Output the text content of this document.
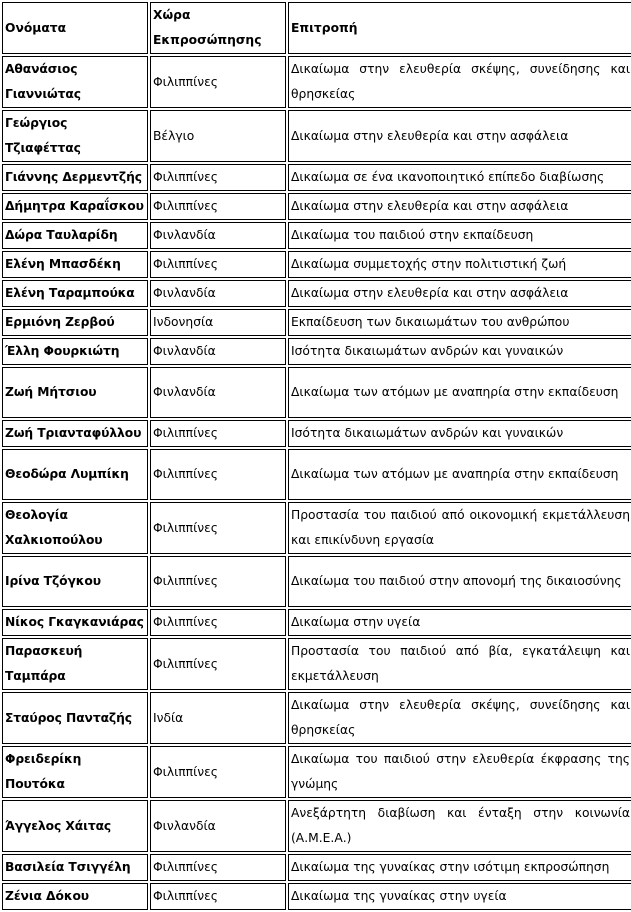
Ονόματα	Χώρα Εκπροσώπησης	Επιτροπή
Αθανάσιος Γιαννιώτας	Φιλιππίνες	Δικαίωμα στην ελευθερία σκέψης, συνείδησης και θρησκείας
Γεώργιος Τζιαφέττας	Βέλγιο	Δικαίωμα στην ελευθερία και στην ασφάλεια
Γιάννης Δερμεντζής	Φιλιππίνες	Δικαίωμα σε ένα ικανοποιητικό επίπεδο διαβίωσης
Δήμητρα Καραΐσκου	Φιλιππίνες	Δικαίωμα στην ελευθερία και στην ασφάλεια
Δώρα Ταυλαρίδη	Φινλανδία	Δικαίωμα του παιδιού στην εκπαίδευση
Ελένη Μπασδέκη	Φιλιππίνες	Δικαίωμα συμμετοχής στην πολιτιστική ζωή
Ελένη Ταραμπούκα	Φινλανδία	Δικαίωμα στην ελευθερία και στην ασφάλεια
Ερμιόνη Ζερβού	Ινδονησία	Εκπαίδευση των δικαιωμάτων του ανθρώπου
Έλλη Φουρκιώτη	Φινλανδία	Ισότητα δικαιωμάτων ανδρών και γυναικών
Ζωή Μήτσιου	Φινλανδία	Δικαίωμα των ατόμων με αναπηρία στην εκπαίδευση
Ζωή Τριανταφύλλου	Φιλιππίνες	Ισότητα δικαιωμάτων ανδρών και γυναικών
Θεοδώρα Λυμπίκη	Φιλιππίνες	Δικαίωμα των ατόμων με αναπηρία στην εκπαίδευση
Θεολογία Χαλκιοπούλου	Φιλιππίνες	Προστασία του παιδιού από οικονομική εκμετάλλευση και επικίνδυνη εργασία
Ιρίνα Τζόγκου	Φιλιππίνες	Δικαίωμα του παιδιού στην απονομή της δικαιοσύνης
Νίκος Γκαγκανιάρας	Φιλιππίνες	Δικαίωμα στην υγεία
Παρασκευή Ταμπάρα	Φιλιππίνες	Προστασία του παιδιού από βία, εγκατάλειψη και εκμετάλλευση
Σταύρος Πανταζής	Ινδία	Δικαίωμα στην ελευθερία σκέψης, συνείδησης και θρησκείας
Φρειδερίκη Πουτόκα	Φιλιππίνες	Δικαίωμα του παιδιού στην ελευθερία έκφρασης της γνώμης
Άγγελος Χάιτας	Φινλανδία	Ανεξάρτητη διαβίωση και ένταξη στην κοινωνία (Α.Μ.Ε.Α.)
Βασιλεία Τσιγγέλη	Φιλιππίνες	Δικαίωμα της γυναίκας στην ισότιμη εκπροσώπηση
Ζένια Δόκου	Φιλιππίνες	Δικαίωμα της γυναίκας στην υγεία
